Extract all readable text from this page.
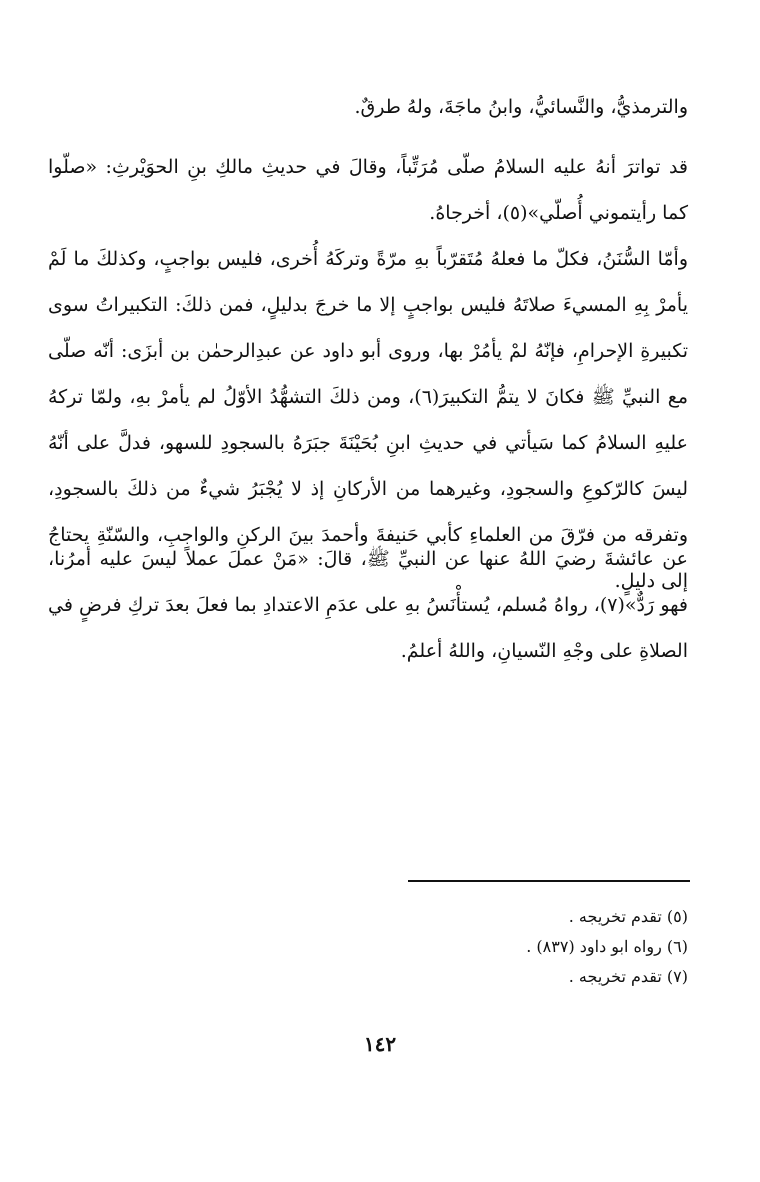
والترمذيُّ، والنَّسائيُّ، وابنُ ماجَةَ، ولهُ طرقٌ.
قد تواترَ أنهُ عليه السلامُ صلّى مُرَتِّباً، وقالَ في حديثِ مالكِ بنِ الحوَيْرثِ: «صلّوا كما رأيتموني أُصلّي»(٥)، أخرجاهُ.
وأمّا السُّنَنُ، فكلّ ما فعلهُ مُتَقرّباً بهِ مرّةً وتركَهُ أُخرى، فليس بواجبٍ، وكذلكَ ما لَمْ يأمرْ بِهِ المسيءَ صلاتَهُ فليس بواجبٍ إلا ما خرجَ بدليلٍ، فمن ذلكَ: التكبيراتُ سوى تكبيرةِ الإحرامِ، فإنّهُ لمْ يأمُرْ بها، وروى أبو داود عن عبدِالرحمٰن بن أبزَى: أنّه صلّى مع النبيِّ ﷺ فكانَ لا يتمُّ التكبيرَ(٦)، ومن ذلكَ التشهُّدُ الأوّلُ لم يأمرْ بهِ، ولمّا تركهُ عليهِ السلامُ كما سَيأتي في حديثِ ابنِ بُحَيْنَةَ جبَرَهُ بالسجودِ للسهو، فدلَّ على أنّهُ ليسَ كالرّكوعِ والسجودِ، وغيرهما من الأركانِ إذ لا يُجْبَرُ شيءٌ من ذلكَ بالسجودِ، وتفرقه من فرّقَ من العلماءِ كأبي حَنيفةَ وأحمدَ بينَ الركنِ والواجبِ، والسّنّةِ يحتاجُ إلى دليلٍ.
عن عائشةَ رضيَ اللهُ عنها عن النبيِّ ﷺ، قالَ: «مَنْ عملَ عملاً ليسَ عليه أمرُنا، فهو رَدٌّ»(٧)، رواهُ مُسلم، يُستأْنَسُ بهِ على عدَمِ الاعتدادِ بما فعلَ بعدَ تركِ فرضٍ في الصلاةِ على وجْهِ النّسيانِ، واللهُ أعلمُ.
(٥) تقدم تخريجه .
(٦) رواه ابو داود (٨٣٧) .
(٧) تقدم تخريجه .
١٤٢
